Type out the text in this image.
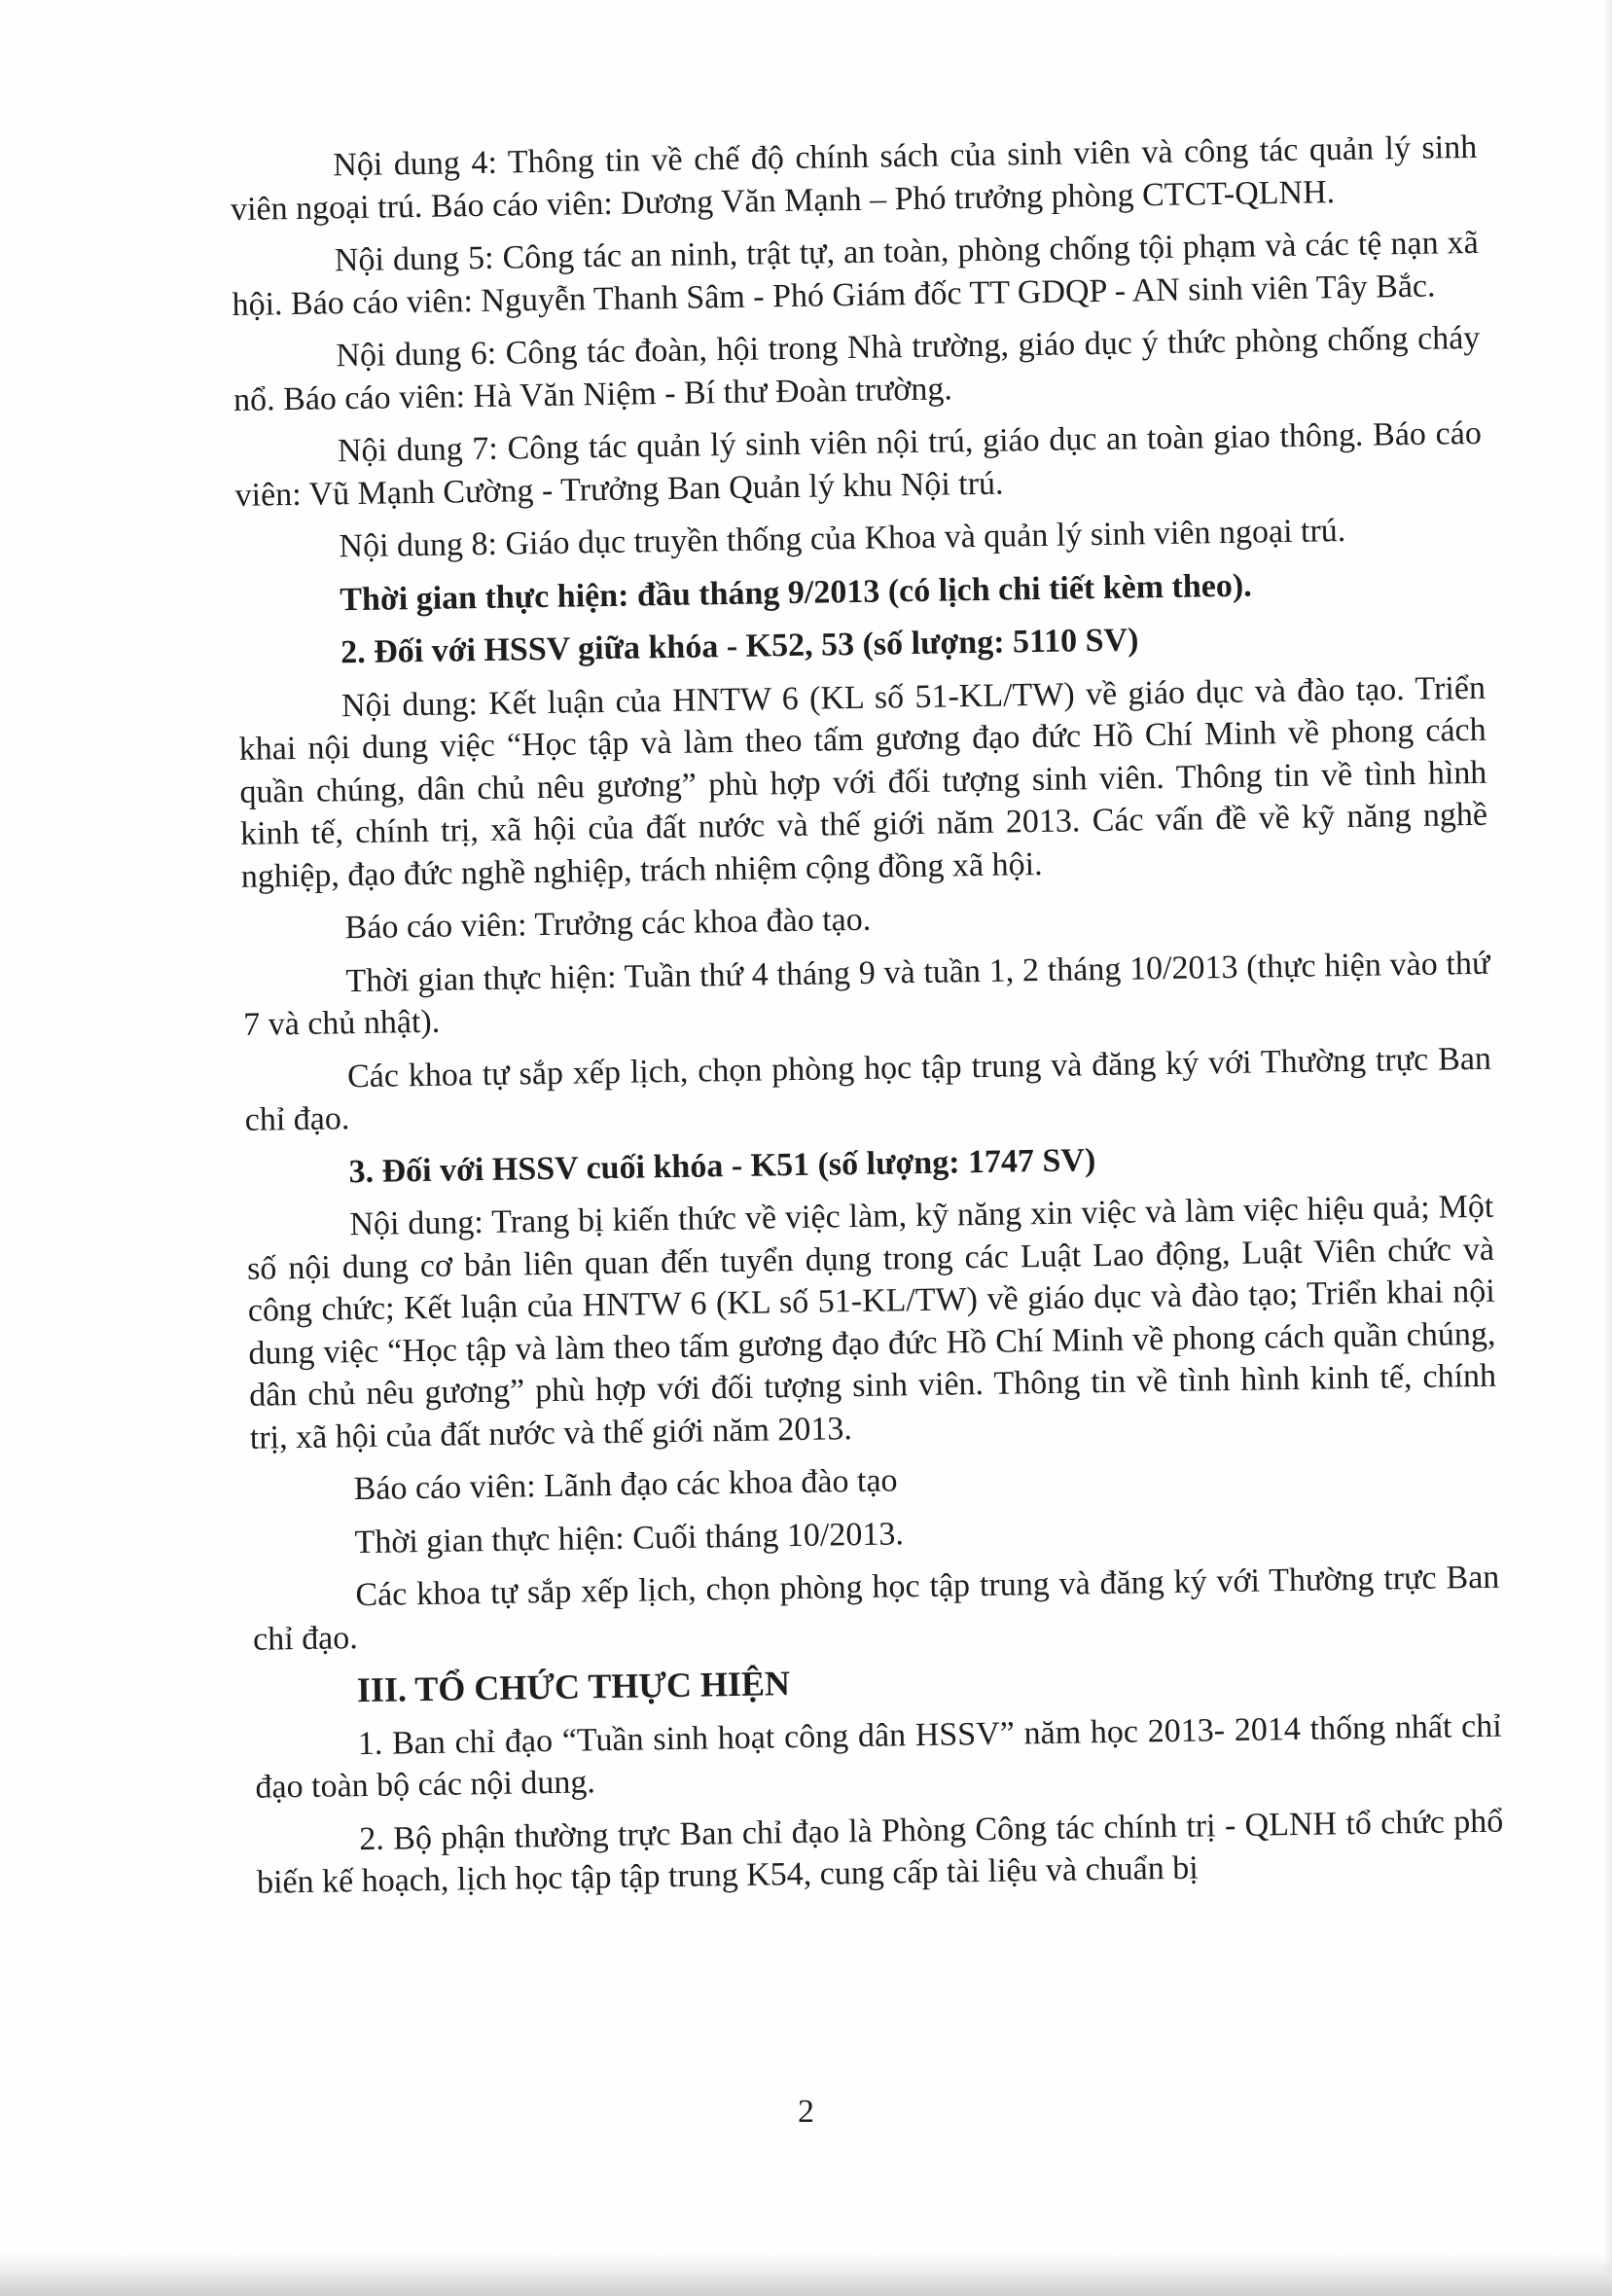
Nội dung 4: Thông tin về chế độ chính sách của sinh viên và công tác quản lý sinh viên ngoại trú. Báo cáo viên: Dương Văn Mạnh – Phó trưởng phòng CTCT-QLNH.

Nội dung 5: Công tác an ninh, trật tự, an toàn, phòng chống tội phạm và các tệ nạn xã hội. Báo cáo viên: Nguyễn Thanh Sâm - Phó Giám đốc TT GDQP - AN sinh viên Tây Bắc.

Nội dung 6: Công tác đoàn, hội trong Nhà trường, giáo dục ý thức phòng chống cháy nổ. Báo cáo viên: Hà Văn Niệm - Bí thư Đoàn trường.

Nội dung 7: Công tác quản lý sinh viên nội trú, giáo dục an toàn giao thông. Báo cáo viên: Vũ Mạnh Cường - Trưởng Ban Quản lý khu Nội trú.

Nội dung 8: Giáo dục truyền thống của Khoa và quản lý sinh viên ngoại trú.

Thời gian thực hiện: đầu tháng 9/2013 (có lịch chi tiết kèm theo).

2. Đối với HSSV giữa khóa - K52, 53 (số lượng: 5110 SV)

Nội dung: Kết luận của HNTW 6 (KL số 51-KL/TW) về giáo dục và đào tạo. Triển khai nội dung việc “Học tập và làm theo tấm gương đạo đức Hồ Chí Minh về phong cách quần chúng, dân chủ nêu gương” phù hợp với đối tượng sinh viên. Thông tin về tình hình kinh tế, chính trị, xã hội của đất nước và thế giới năm 2013. Các vấn đề về kỹ năng nghề nghiệp, đạo đức nghề nghiệp, trách nhiệm cộng đồng xã hội.

Báo cáo viên: Trưởng các khoa đào tạo.

Thời gian thực hiện: Tuần thứ 4 tháng 9 và tuần 1, 2 tháng 10/2013 (thực hiện vào thứ 7 và chủ nhật).

Các khoa tự sắp xếp lịch, chọn phòng học tập trung và đăng ký với Thường trực Ban chỉ đạo.

3. Đối với HSSV cuối khóa - K51 (số lượng: 1747 SV)

Nội dung: Trang bị kiến thức về việc làm, kỹ năng xin việc và làm việc hiệu quả; Một số nội dung cơ bản liên quan đến tuyển dụng trong các Luật Lao động, Luật Viên chức và công chức; Kết luận của HNTW 6 (KL số 51-KL/TW) về giáo dục và đào tạo; Triển khai nội dung việc “Học tập và làm theo tấm gương đạo đức Hồ Chí Minh về phong cách quần chúng, dân chủ nêu gương” phù hợp với đối tượng sinh viên. Thông tin về tình hình kinh tế, chính trị, xã hội của đất nước và thế giới năm 2013.

Báo cáo viên: Lãnh đạo các khoa đào tạo

Thời gian thực hiện: Cuối tháng 10/2013.

Các khoa tự sắp xếp lịch, chọn phòng học tập trung và đăng ký với Thường trực Ban chỉ đạo.

III. TỔ CHỨC THỰC HIỆN

1. Ban chỉ đạo “Tuần sinh hoạt công dân HSSV” năm học 2013- 2014 thống nhất chỉ đạo toàn bộ các nội dung.

2. Bộ phận thường trực Ban chỉ đạo là Phòng Công tác chính trị - QLNH tổ chức phổ biến kế hoạch, lịch học tập tập trung K54, cung cấp tài liệu và chuẩn bị

2
